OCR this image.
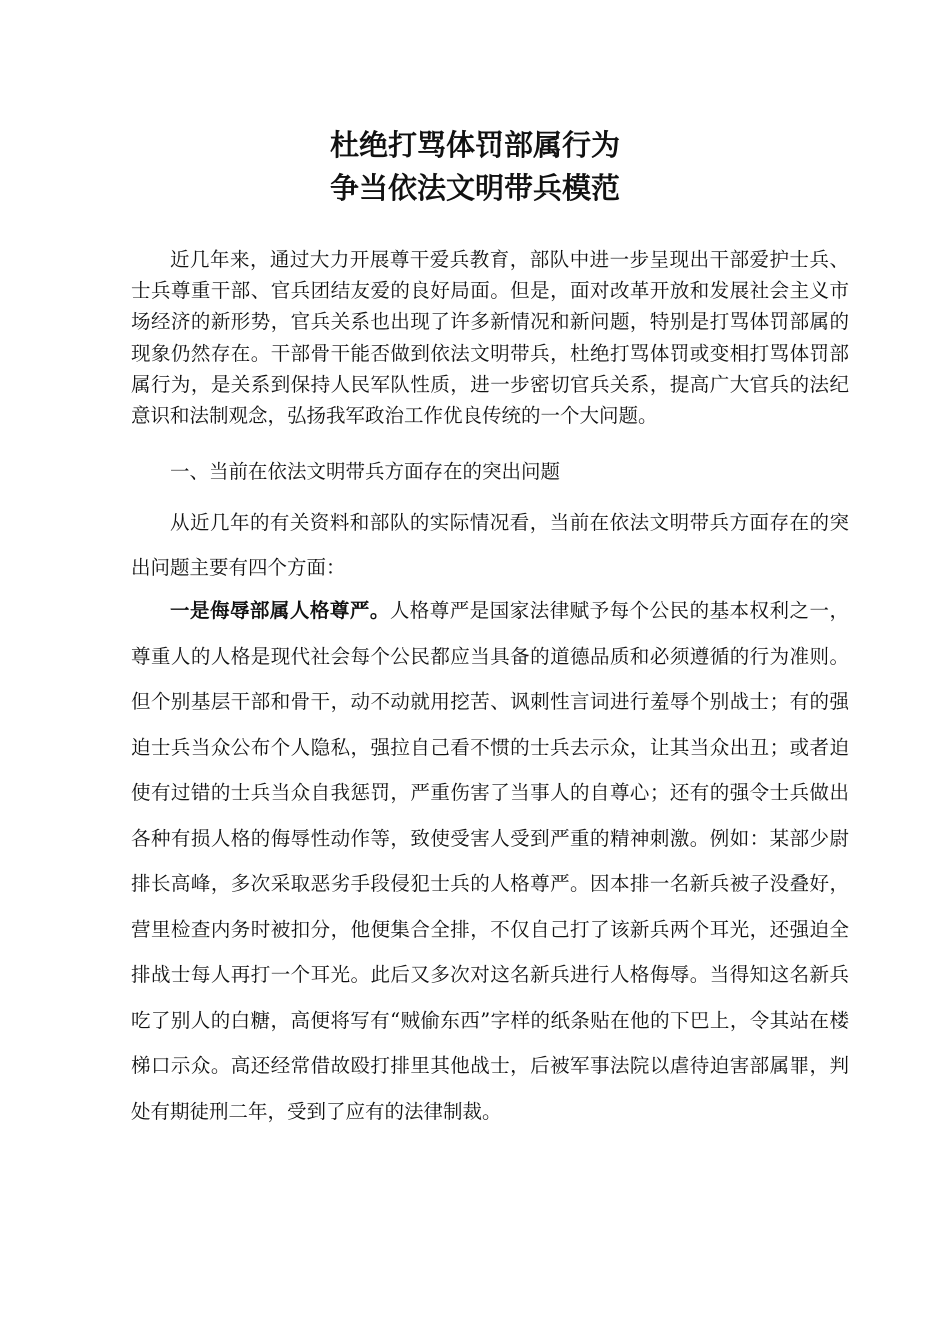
杜绝打骂体罚部属行为
争当依法文明带兵模范

近几年来，通过大力开展尊干爱兵教育，部队中进一步呈现出干部爱护士兵、士兵尊重干部、官兵团结友爱的良好局面。但是，面对改革开放和发展社会主义市场经济的新形势，官兵关系也出现了许多新情况和新问题，特别是打骂体罚部属的现象仍然存在。干部骨干能否做到依法文明带兵，杜绝打骂体罚或变相打骂体罚部属行为，是关系到保持人民军队性质，进一步密切官兵关系，提高广大官兵的法纪意识和法制观念，弘扬我军政治工作优良传统的一个大问题。

一、当前在依法文明带兵方面存在的突出问题

从近几年的有关资料和部队的实际情况看，当前在依法文明带兵方面存在的突出问题主要有四个方面：

一是侮辱部属人格尊严。人格尊严是国家法律赋予每个公民的基本权利之一，尊重人的人格是现代社会每个公民都应当具备的道德品质和必须遵循的行为准则。但个别基层干部和骨干，动不动就用挖苦、讽刺性言词进行羞辱个别战士；有的强迫士兵当众公布个人隐私，强拉自己看不惯的士兵去示众，让其当众出丑；或者迫使有过错的士兵当众自我惩罚，严重伤害了当事人的自尊心；还有的强令士兵做出各种有损人格的侮辱性动作等，致使受害人受到严重的精神刺激。例如：某部少尉排长高峰，多次采取恶劣手段侵犯士兵的人格尊严。因本排一名新兵被子没叠好，营里检查内务时被扣分，他便集合全排，不仅自己打了该新兵两个耳光，还强迫全排战士每人再打一个耳光。此后又多次对这名新兵进行人格侮辱。当得知这名新兵吃了别人的白糖，高便将写有“贼偷东西”字样的纸条贴在他的下巴上，令其站在楼梯口示众。高还经常借故殴打排里其他战士，后被军事法院以虐待迫害部属罪，判处有期徒刑二年，受到了应有的法律制裁。
